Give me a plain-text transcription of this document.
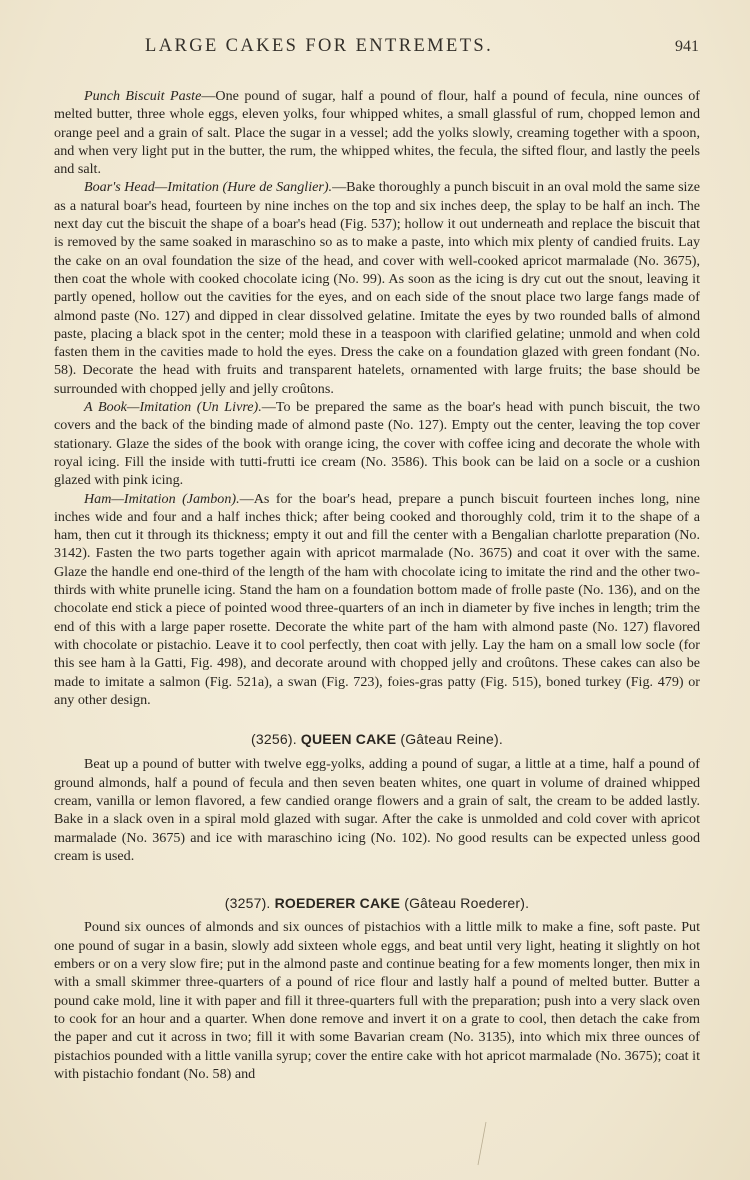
LARGE CAKES FOR ENTREMETS.	941

Punch Biscuit Paste—One pound of sugar, half a pound of flour, half a pound of fecula, nine ounces of melted butter, three whole eggs, eleven yolks, four whipped whites, a small glassful of rum, chopped lemon and orange peel and a grain of salt. Place the sugar in a vessel; add the yolks slowly, creaming together with a spoon, and when very light put in the butter, the rum, the whipped whites, the fecula, the sifted flour, and lastly the peels and salt.

Boar's Head—Imitation (Hure de Sanglier).—Bake thoroughly a punch biscuit in an oval mold the same size as a natural boar's head, fourteen by nine inches on the top and six inches deep, the splay to be half an inch. The next day cut the biscuit the shape of a boar's head (Fig. 537); hollow it out underneath and replace the biscuit that is removed by the same soaked in maraschino so as to make a paste, into which mix plenty of candied fruits. Lay the cake on an oval foundation the size of the head, and cover with well-cooked apricot marmalade (No. 3675), then coat the whole with cooked chocolate icing (No. 99). As soon as the icing is dry cut out the snout, leaving it partly opened, hollow out the cavities for the eyes, and on each side of the snout place two large fangs made of almond paste (No. 127) and dipped in clear dissolved gelatine. Imitate the eyes by two rounded balls of almond paste, placing a black spot in the center; mold these in a teaspoon with clarified gelatine; unmold and when cold fasten them in the cavities made to hold the eyes. Dress the cake on a foundation glazed with green fondant (No. 58). Decorate the head with fruits and transparent hatelets, ornamented with large fruits; the base should be surrounded with chopped jelly and jelly croûtons.

A Book—Imitation (Un Livre).—To be prepared the same as the boar's head with punch biscuit, the two covers and the back of the binding made of almond paste (No. 127). Empty out the center, leaving the top cover stationary. Glaze the sides of the book with orange icing, the cover with coffee icing and decorate the whole with royal icing. Fill the inside with tutti-frutti ice cream (No. 3586). This book can be laid on a socle or a cushion glazed with pink icing.

Ham—Imitation (Jambon).—As for the boar's head, prepare a punch biscuit fourteen inches long, nine inches wide and four and a half inches thick; after being cooked and thoroughly cold, trim it to the shape of a ham, then cut it through its thickness; empty it out and fill the center with a Bengalian charlotte preparation (No. 3142). Fasten the two parts together again with apricot marmalade (No. 3675) and coat it over with the same. Glaze the handle end one-third of the length of the ham with chocolate icing to imitate the rind and the other two-thirds with white prunelle icing. Stand the ham on a foundation bottom made of frolle paste (No. 136), and on the chocolate end stick a piece of pointed wood three-quarters of an inch in diameter by five inches in length; trim the end of this with a large paper rosette. Decorate the white part of the ham with almond paste (No. 127) flavored with chocolate or pistachio. Leave it to cool perfectly, then coat with jelly. Lay the ham on a small low socle (for this see ham à la Gatti, Fig. 498), and decorate around with chopped jelly and croûtons. These cakes can also be made to imitate a salmon (Fig. 521a), a swan (Fig. 723), foies-gras patty (Fig. 515), boned turkey (Fig. 479) or any other design.

(3256). QUEEN CAKE (Gâteau Reine).

Beat up a pound of butter with twelve egg-yolks, adding a pound of sugar, a little at a time, half a pound of ground almonds, half a pound of fecula and then seven beaten whites, one quart in volume of drained whipped cream, vanilla or lemon flavored, a few candied orange flowers and a grain of salt, the cream to be added lastly. Bake in a slack oven in a spiral mold glazed with sugar. After the cake is unmolded and cold cover with apricot marmalade (No. 3675) and ice with maraschino icing (No. 102). No good results can be expected unless good cream is used.

(3257). ROEDERER CAKE (Gâteau Roederer).

Pound six ounces of almonds and six ounces of pistachios with a little milk to make a fine, soft paste. Put one pound of sugar in a basin, slowly add sixteen whole eggs, and beat until very light, heating it slightly on hot embers or on a very slow fire; put in the almond paste and continue beating for a few moments longer, then mix in with a small skimmer three-quarters of a pound of rice flour and lastly half a pound of melted butter. Butter a pound cake mold, line it with paper and fill it three-quarters full with the preparation; push into a very slack oven to cook for an hour and a quarter. When done remove and invert it on a grate to cool, then detach the cake from the paper and cut it across in two; fill it with some Bavarian cream (No. 3135), into which mix three ounces of pistachios pounded with a little vanilla syrup; cover the entire cake with hot apricot marmalade (No. 3675); coat it with pistachio fondant (No. 58) and
